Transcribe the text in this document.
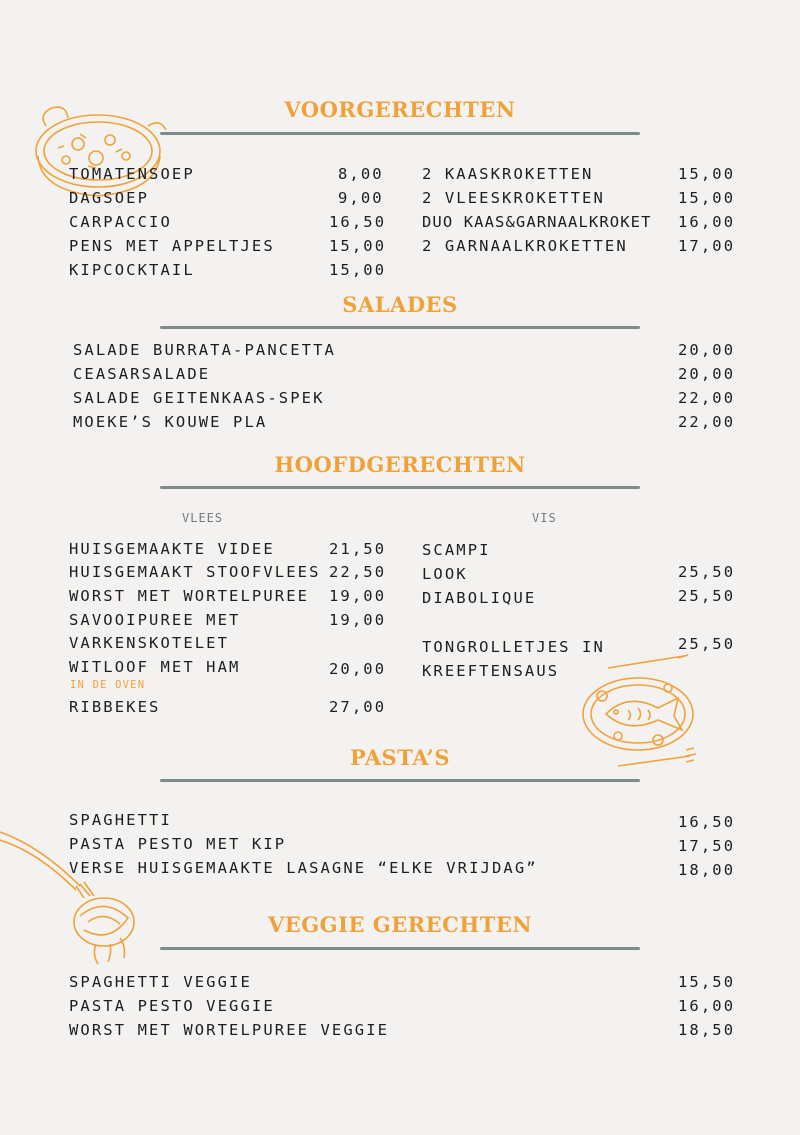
VOORGERECHTEN
TOMATENSOEP	8,00
DAGSOEP	9,00
CARPACCIO	16,50
PENS MET APPELTJES	15,00
KIPCOCKTAIL	15,00
2 KAASKROKETTEN	15,00
2 VLEESKROKETTEN	15,00
DUO KAAS&GARNAALKROKET 16,00
2 GARNAALKROKETTEN	17,00
SALADES
SALADE BURRATA-PANCETTA	20,00
CEASARSALADE	20,00
SALADE GEITENKAAS-SPEK	22,00
MOEKE’S KOUWE PLA	22,00
HOOFDGERECHTEN
VLEES	VIS
HUISGEMAAKTE VIDEE	21,50
HUISGEMAAKT STOOFVLEES 22,50
WORST MET WORTELPUREE 19,00
SAVOOIPUREE MET	19,00
VARKENSKOTELET
WITLOOF MET HAM	20,00
IN DE OVEN
RIBBEKES	27,00
SCAMPI
LOOK	25,50
DIABOLIQUE	25,50
TONGROLLETJES IN	25,50
KREEFTENSAUS
PASTA’S
SPAGHETTI	16,50
PASTA PESTO MET KIP	17,50
VERSE HUISGEMAAKTE LASAGNE “ELKE VRIJDAG”	18,00
VEGGIE GERECHTEN
SPAGHETTI VEGGIE	15,50
PASTA PESTO VEGGIE	16,00
WORST MET WORTELPUREE VEGGIE	18,50
